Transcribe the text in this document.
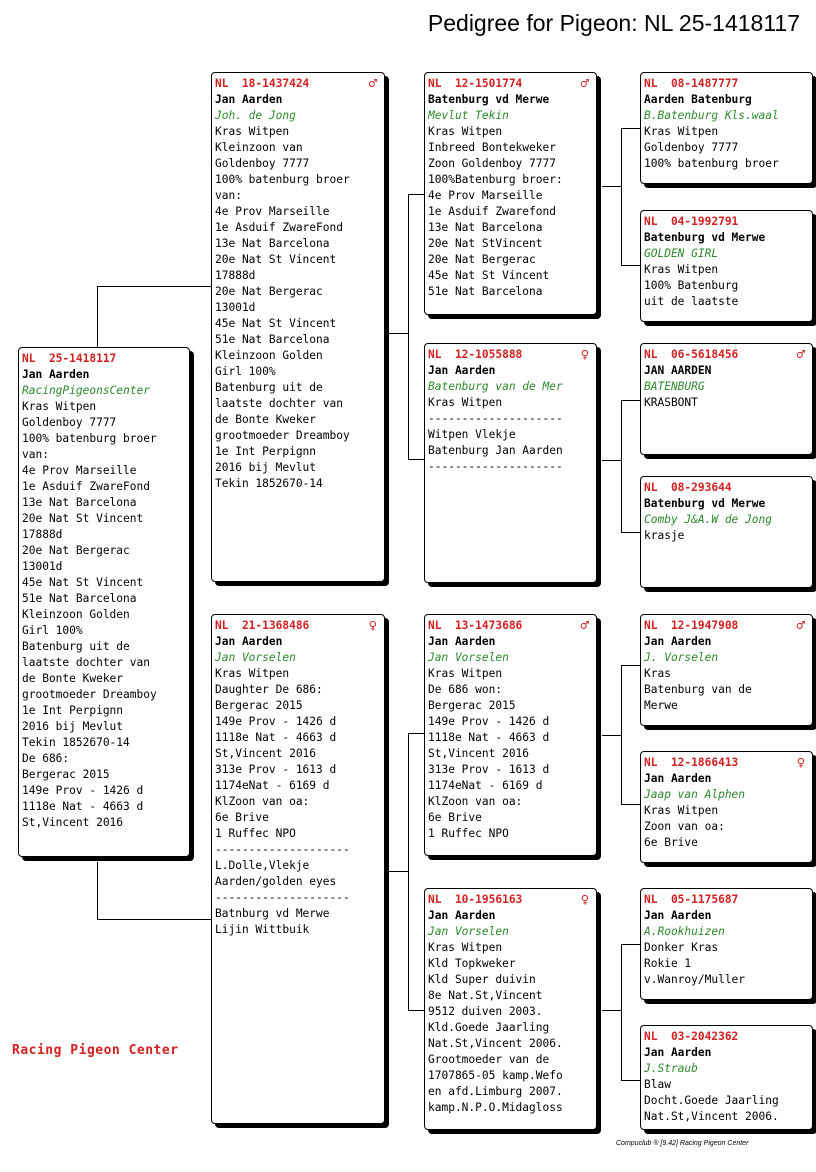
Pedigree for Pigeon: NL 25-1418117
NL  25-1418117
Jan Aarden
RacingPigeonsCenter
Kras Witpen
Goldenboy 7777
100% batenburg broer
van:
4e Prov Marseille
1e Asduif ZwareFond
13e Nat Barcelona
20e Nat St Vincent
17888d
20e Nat Bergerac
13001d
45e Nat St Vincent
51e Nat Barcelona
Kleinzoon Golden
Girl 100%
Batenburg uit de
laatste dochter van
de Bonte Kweker
grootmoeder Dreamboy
1e Int Perpignn
2016 bij Mevlut
Tekin 1852670-14
De 686:
Bergerac 2015
149e Prov - 1426 d
1118e Nat - 4663 d
St,Vincent 2016
NL  18-1437424	♂
Jan Aarden
Joh. de Jong
Kras Witpen
Kleinzoon van
Goldenboy 7777
100% batenburg broer
van:
4e Prov Marseille
1e Asduif ZwareFond
13e Nat Barcelona
20e Nat St Vincent
17888d
20e Nat Bergerac
13001d
45e Nat St Vincent
51e Nat Barcelona
Kleinzoon Golden
Girl 100%
Batenburg uit de
laatste dochter van
de Bonte Kweker
grootmoeder Dreamboy
1e Int Perpignn
2016 bij Mevlut
Tekin 1852670-14
NL  21-1368486	♀
Jan Aarden
Jan Vorselen
Kras Witpen
Daughter De 686:
Bergerac 2015
149e Prov - 1426 d
1118e Nat - 4663 d
St,Vincent 2016
313e Prov - 1613 d
1174eNat - 6169 d
KlZoon van oa:
6e Brive
1 Ruffec NPO
--------------------
L.Dolle,Vlekje
Aarden/golden eyes
--------------------
Batnburg vd Merwe
Lijin Wittbuik
NL  12-1501774	♂
Batenburg vd Merwe
Mevlut Tekin
Kras Witpen
Inbreed Bontekweker
Zoon Goldenboy 7777
100%Batenburg broer:
4e Prov Marseille
1e Asduif Zwarefond
13e Nat Barcelona
20e Nat StVincent
20e Nat Bergerac
45e Nat St Vincent
51e Nat Barcelona
NL  12-1055888	♀
Jan Aarden
Batenburg van de Mer
Kras Witpen
--------------------
Witpen Vlekje
Batenburg Jan Aarden
--------------------
NL  13-1473686	♂
Jan Aarden
Jan Vorselen
Kras Witpen
De 686 won:
Bergerac 2015
149e Prov - 1426 d
1118e Nat - 4663 d
St,Vincent 2016
313e Prov - 1613 d
1174eNat - 6169 d
KlZoon van oa:
6e Brive
1 Ruffec NPO
NL  10-1956163	♀
Jan Aarden
Jan Vorselen
Kras Witpen
Kld Topkweker
Kld Super duivin
8e Nat.St,Vincent
9512 duiven 2003.
Kld.Goede Jaarling
Nat.St,Vincent 2006.
Grootmoeder van de
1707865-05 kamp.Wefo
en afd.Limburg 2007.
kamp.N.P.O.Midagloss
NL  08-1487777
Aarden Batenburg
B.Batenburg Kls.waal
Kras Witpen
Goldenboy 7777
100% batenburg broer
NL  04-1992791
Batenburg vd Merwe
GOLDEN GIRL
Kras Witpen
100% Batenburg
uit de laatste
NL  06-5618456	♂
JAN AARDEN
BATENBURG
KRASBONT
NL  08-293644
Batenburg vd Merwe
Comby J&A.W de Jong
krasje
NL  12-1947908	♂
Jan Aarden
J. Vorselen
Kras
Batenburg van de
Merwe
NL  12-1866413	♀
Jan Aarden
Jaap van Alphen
Kras Witpen
Zoon van oa:
6e Brive
NL  05-1175687
Jan Aarden
A.Rookhuizen
Donker Kras
Rokie 1
v.Wanroy/Muller
NL  03-2042362
Jan Aarden
J.Straub
Blaw
Docht.Goede Jaarling
Nat.St,Vincent 2006.
Racing Pigeon Center
Compuclub ® [9.42] Racing Pigeon Center
